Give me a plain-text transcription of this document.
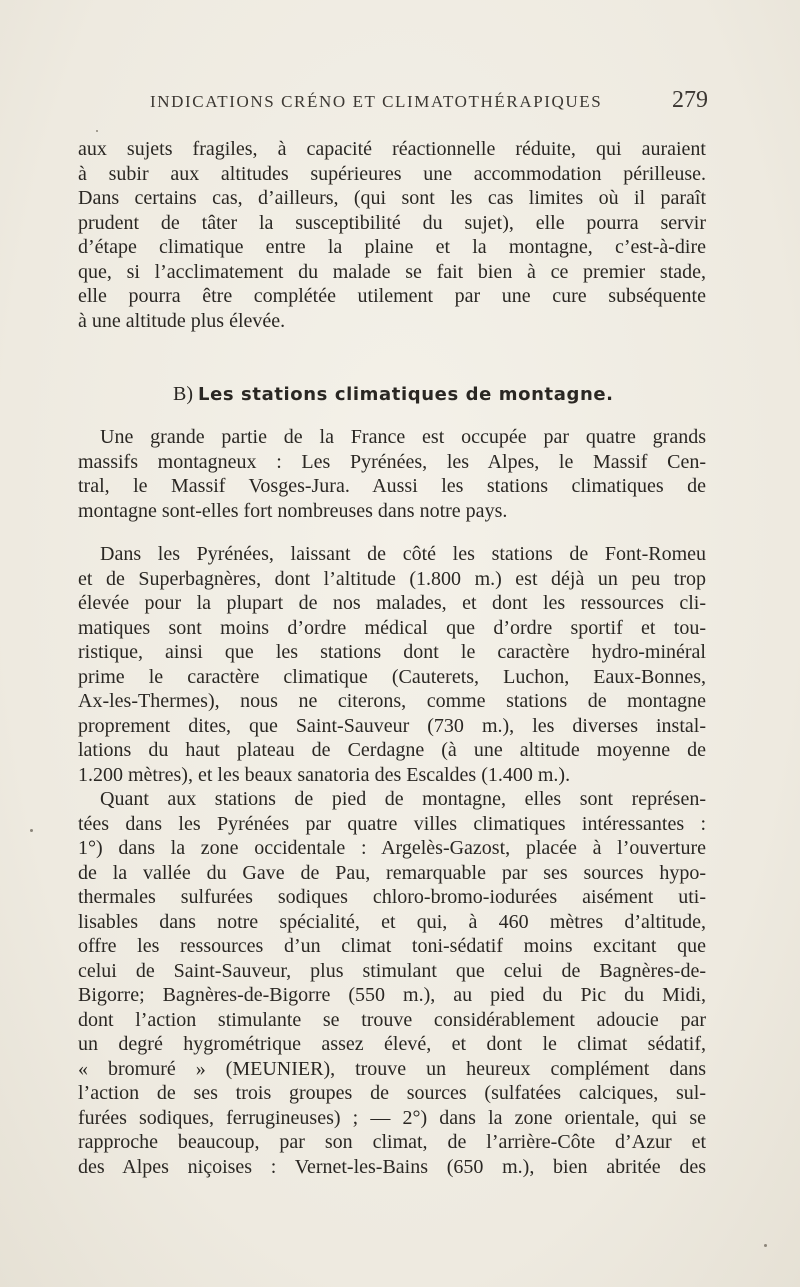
INDICATIONS CRÉNO ET CLIMATOTHÉRAPIQUES	279
aux sujets fragiles, à capacité réactionnelle réduite, qui auraient
à subir aux altitudes supérieures une accommodation périlleuse.
Dans certains cas, d’ailleurs, (qui sont les cas limites où il paraît
prudent de tâter la susceptibilité du sujet), elle pourra servir
d’étape climatique entre la plaine et la montagne, c’est-à-dire
que, si l’acclimatement du malade se fait bien à ce premier stade,
elle pourra être complétée utilement par une cure subséquente
à une altitude plus élevée.
B) Les stations climatiques de montagne.
Une grande partie de la France est occupée par quatre grands
massifs montagneux : Les Pyrénées, les Alpes, le Massif Cen-
tral, le Massif Vosges-Jura. Aussi les stations climatiques de
montagne sont-elles fort nombreuses dans notre pays.
Dans les Pyrénées, laissant de côté les stations de Font-Romeu
et de Superbagnères, dont l’altitude (1.800 m.) est déjà un peu trop
élevée pour la plupart de nos malades, et dont les ressources cli-
matiques sont moins d’ordre médical que d’ordre sportif et tou-
ristique, ainsi que les stations dont le caractère hydro-minéral
prime le caractère climatique (Cauterets, Luchon, Eaux-Bonnes,
Ax-les-Thermes), nous ne citerons, comme stations de montagne
proprement dites, que Saint-Sauveur (730 m.), les diverses instal-
lations du haut plateau de Cerdagne (à une altitude moyenne de
1.200 mètres), et les beaux sanatoria des Escaldes (1.400 m.).
Quant aux stations de pied de montagne, elles sont représen-
tées dans les Pyrénées par quatre villes climatiques intéressantes :
1°) dans la zone occidentale : Argelès-Gazost, placée à l’ouverture
de la vallée du Gave de Pau, remarquable par ses sources hypo-
thermales sulfurées sodiques chloro-bromo-iodurées aisément uti-
lisables dans notre spécialité, et qui, à 460 mètres d’altitude,
offre les ressources d’un climat toni-sédatif moins excitant que
celui de Saint-Sauveur, plus stimulant que celui de Bagnères-de-
Bigorre; Bagnères-de-Bigorre (550 m.), au pied du Pic du Midi,
dont l’action stimulante se trouve considérablement adoucie par
un degré hygrométrique assez élevé, et dont le climat sédatif,
« bromuré » (MEUNIER), trouve un heureux complément dans
l’action de ses trois groupes de sources (sulfatées calciques, sul-
furées sodiques, ferrugineuses) ; — 2°) dans la zone orientale, qui se
rapproche beaucoup, par son climat, de l’arrière-Côte d’Azur et
des Alpes niçoises : Vernet-les-Bains (650 m.), bien abritée des
